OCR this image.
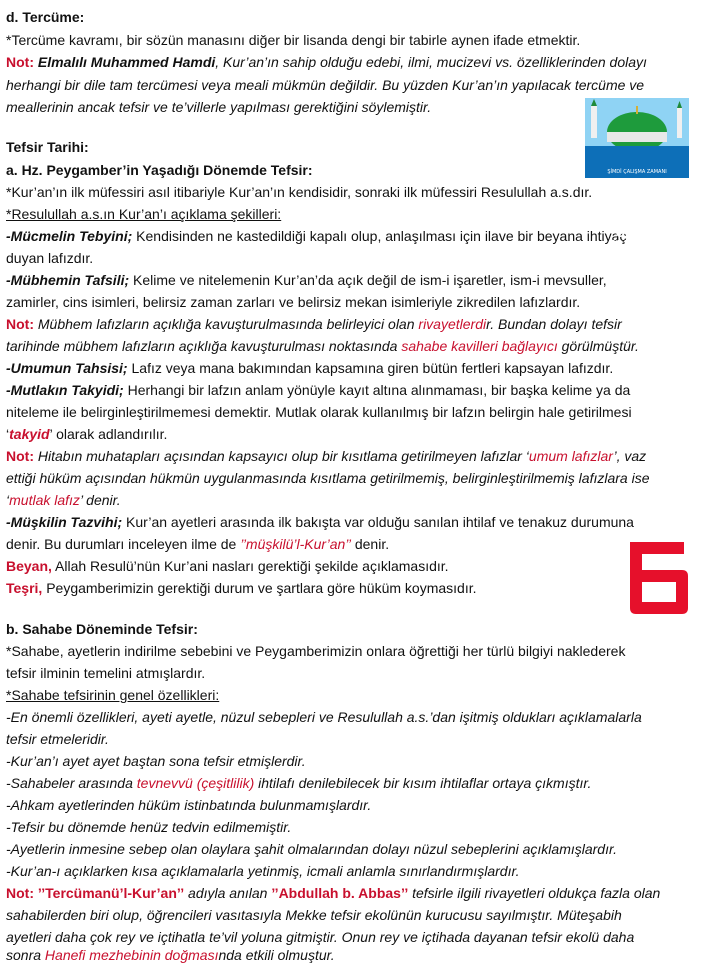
d. Tercüme:
*Tercüme kavramı, bir sözün manasını diğer bir lisanda dengi bir tabirle aynen ifade etmektir.
Not: Elmalılı Muhammed Hamdi, Kur’an’ın sahip olduğu edebi, ilmi, mucizevi vs. özelliklerinden dolayı
herhangi bir dile tam tercümesi veya meali mükmün değildir. Bu yüzden Kur’an’ın yapılacak tercüme ve
meallerinin ancak tefsir ve te’villerle yapılması gerektiğini söylemiştir.
Tefsir Tarihi:
a. Hz. Peygamber’in Yaşadığı Dönemde Tefsir:
*Kur’an’ın ilk müfessiri asıl itibariyle Kur’an’ın kendisidir, sonraki ilk müfessiri Resulullah a.s.dır.
*Resulullah a.s.ın Kur’an’ı açıklama şekilleri:
-Mücmelin Tebyini; Kendisinden ne kastedildiği kapalı olup, anlaşılması için ilave bir beyana ihtiyaç
duyan lafızdır.
-Mübhemin Tafsili; Kelime ve nitelemenin Kur’an’da açık değil de ism-i işaretler, ism-i mevsuller,
zamirler, cins isimleri, belirsiz zaman zarları ve belirsiz mekan isimleriyle zikredilen lafızlardır.
Not: Mübhem lafızların açıklığa kavuşturulmasında belirleyici olan rivayetlerdir. Bundan dolayı tefsir
tarihinde mübhem lafızların açıklığa kavuşturulması noktasında sahabe kavilleri bağlayıcı görülmüştür.
-Umumun Tahsisi; Lafız veya mana bakımından kapsamına giren bütün fertleri kapsayan lafızdır.
-Mutlakın Takyidi; Herhangi bir lafzın anlam yönüyle kayıt altına alınmaması, bir başka kelime ya da
niteleme ile belirginleştirilmemesi demektir. Mutlak olarak kullanılmış bir lafzın belirgin hale getirilmesi
‘takyid’ olarak adlandırılır.
Not: Hitabın muhatapları açısından kapsayıcı olup bir kısıtlama getirilmeyen lafızlar ‘umum lafızlar’, vaz
ettiği hüküm açısından hükmün uygulanmasında kısıtlama getirilmemiş, belirginleştirilmemiş lafızlara ise
‘mutlak lafız’ denir.
-Müşkilin Tazvihi; Kur’an ayetleri arasında ilk bakışta var olduğu sanılan ihtilaf ve tenakuz durumuna
denir. Bu durumları inceleyen ilme de ’’müşkilü’l-Kur’an’’ denir.
Beyan, Allah Resulü’nün Kur’ani nasları gerektiği şekilde açıklamasıdır.
Teşri, Peygamberimizin gerektiği durum ve şartlara göre hüküm koymasıdır.
b. Sahabe Döneminde Tefsir:
*Sahabe, ayetlerin indirilme sebebini ve Peygamberimizin onlara öğrettiği her türlü bilgiyi naklederek
tefsir ilminin temelini atmışlardır.
*Sahabe tefsirinin genel özellikleri:
-En önemli özellikleri, ayeti ayetle, nüzul sebepleri ve Resulullah a.s.’dan işitmiş oldukları açıklamalarla
tefsir etmeleridir.
-Kur’an’ı ayet ayet baştan sona tefsir etmişlerdir.
-Sahabeler arasında tevnevvü (çeşitlilik) ihtilafı denilebilecek bir kısım ihtilaflar ortaya çıkmıştır.
-Ahkam ayetlerinden hüküm istinbatında bulunmamışlardır.
-Tefsir bu dönemde henüz tedvin edilmemiştir.
-Ayetlerin inmesine sebep olan olaylara şahit olmalarından dolayı nüzul sebeplerini açıklamışlardır.
-Kur’an-ı açıklarken kısa açıklamalarla yetinmiş, icmali anlamla sınırlandırmışlardır.
Not: ’’Tercümanü’l-Kur’an’’ adıyla anılan ’’Abdullah b. Abbas’’ tefsirle ilgili rivayetleri oldukça fazla olan
sahabilerden biri olup, öğrencileri vasıtasıyla Mekke tefsir ekolünün kurucusu sayılmıştır. Müteşabih
ayetleri daha çok rey ve içtihatla te’vil yoluna gitmiştir. Onun rey ve içtihada dayanan tefsir ekolü daha
sonra Hanefi mezhebinin doğmasında etkili olmuştur.
ÖKDT
MBSTS
ŞİMDİ ÇALIŞMA ZAMANI
